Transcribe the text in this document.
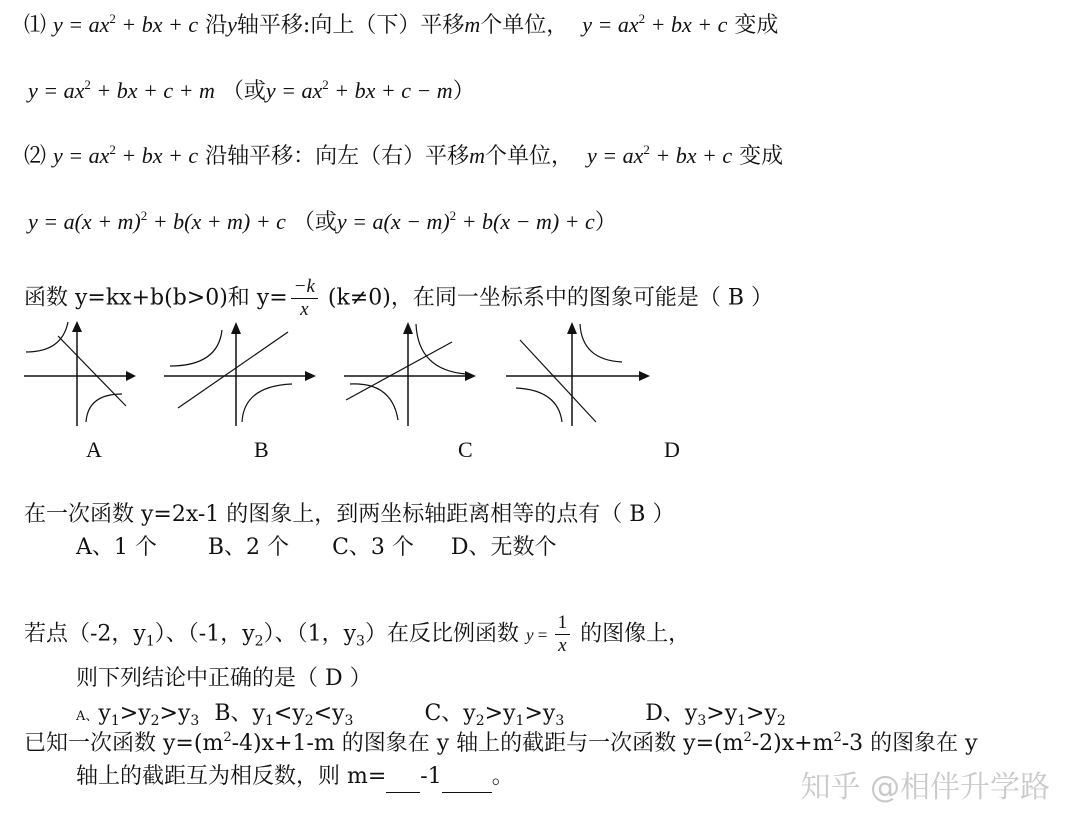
⑴ $y = ax^2$ + bx + c 沿y轴平移:向上（下）平移m个单位， $y = ax^2$ + bx + c 变成
$y = ax^2$ + bx + c + m （或$y = ax^2$ + bx + c − m）
⑵ $y = ax^2$ + bx + c 沿轴平移：向左（右）平移m个单位， $y = ax^2$ + bx + c 变成
$y = a(x + m)^2 + b(x + m) + c$ （或$y = a(x - m)^2 + b(x - m) + c$）
函数 y=kx+b(b>0)和 $y= \frac{-k}{x} (k\ne 0)$，在同一坐标系中的图象可能是（ B ）
A	B	C	D
在一次函数 y=2x-1 的图象上，到两坐标轴距离相等的点有（ B ）
A、1 个 B、2 个 C、3 个 D、无数个
若点（-2，$y_1$）、（-1，$y_2$）、（1，$y_3$）在反比例函数 $y = \frac{1}{x}$ 的图像上，
则下列结论中正确的是（ D ）
A、$y_1>y_2>y_3$ B、$y_1<y_2<y_3$	C、$y_2>y_1>y_3$	D、$y_3>y_1>y_2$
已知一次函数 $y=(m^2-4)x+1-m$ 的图象在 y 轴上的截距与一次函数 $y=(m^2-2)x+m^2-3$ 的图象在 y
轴上的截距互为相反数，则 m= -1 。	知乎 @相伴升学路
